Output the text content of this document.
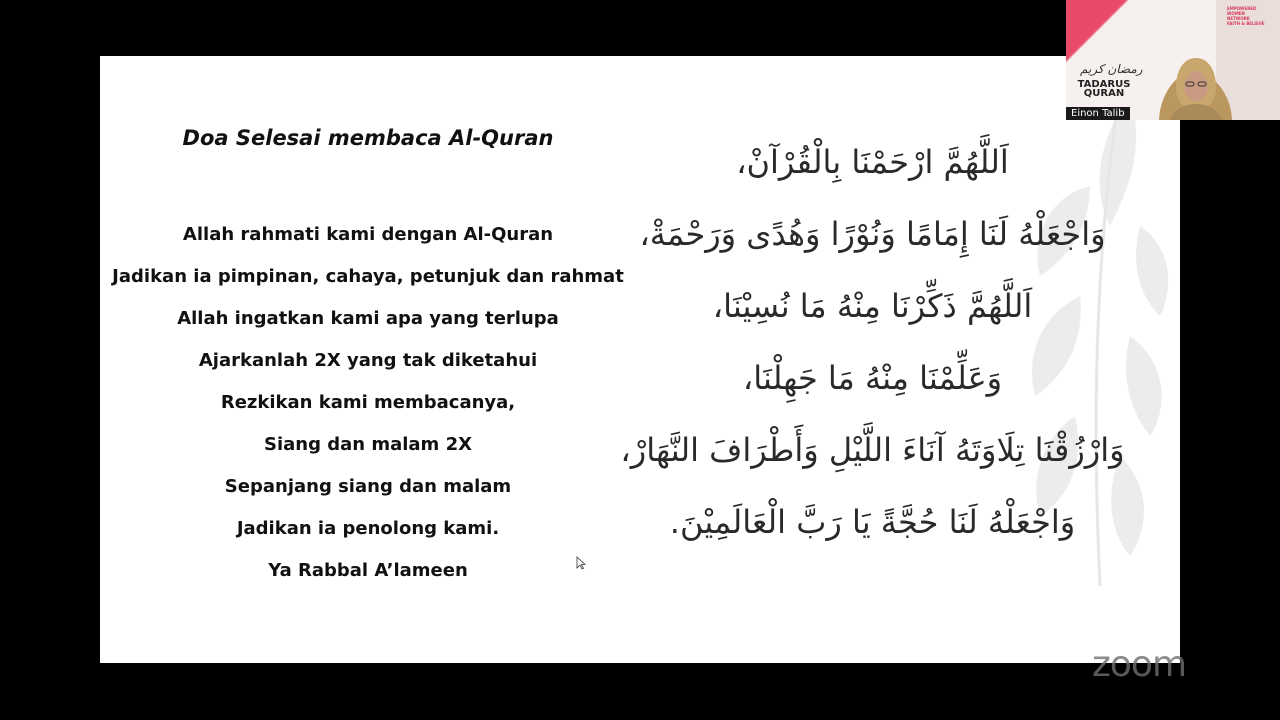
Doa Selesai membaca Al-Quran
Allah rahmati kami dengan Al-Quran
Jadikan ia pimpinan, cahaya, petunjuk dan rahmat
Allah ingatkan kami apa yang terlupa
Ajarkanlah 2X yang tak diketahui
Rezkikan kami membacanya,
Siang dan malam 2X
Sepanjang siang dan malam
Jadikan ia penolong kami.
Ya Rabbal A’lameen
اَللَّهُمَّ ارْحَمْنَا بِالْقُرْآنْ،
وَاجْعَلْهُ لَنَا إِمَامًا وَنُوْرًا وَهُدًى وَرَحْمَةْ،
اَللَّهُمَّ ذَكِّرْنَا مِنْهُ مَا نُسِيْنَا،
وَعَلِّمْنَا مِنْهُ مَا جَهِلْنَا،
وَارْزُقْنَا تِلَاوَتَهُ آنَاءَ اللَّيْلِ وَأَطْرَافَ النَّهَارْ،
وَاجْعَلْهُ لَنَا حُجَّةً يَا رَبَّ الْعَالَمِيْنَ.
EMPOWERED
WOMEN
NETWORK
FAITH & BELIEVE
رمضان كريم
TADARUS QURAN
Einon Talib
zoom
